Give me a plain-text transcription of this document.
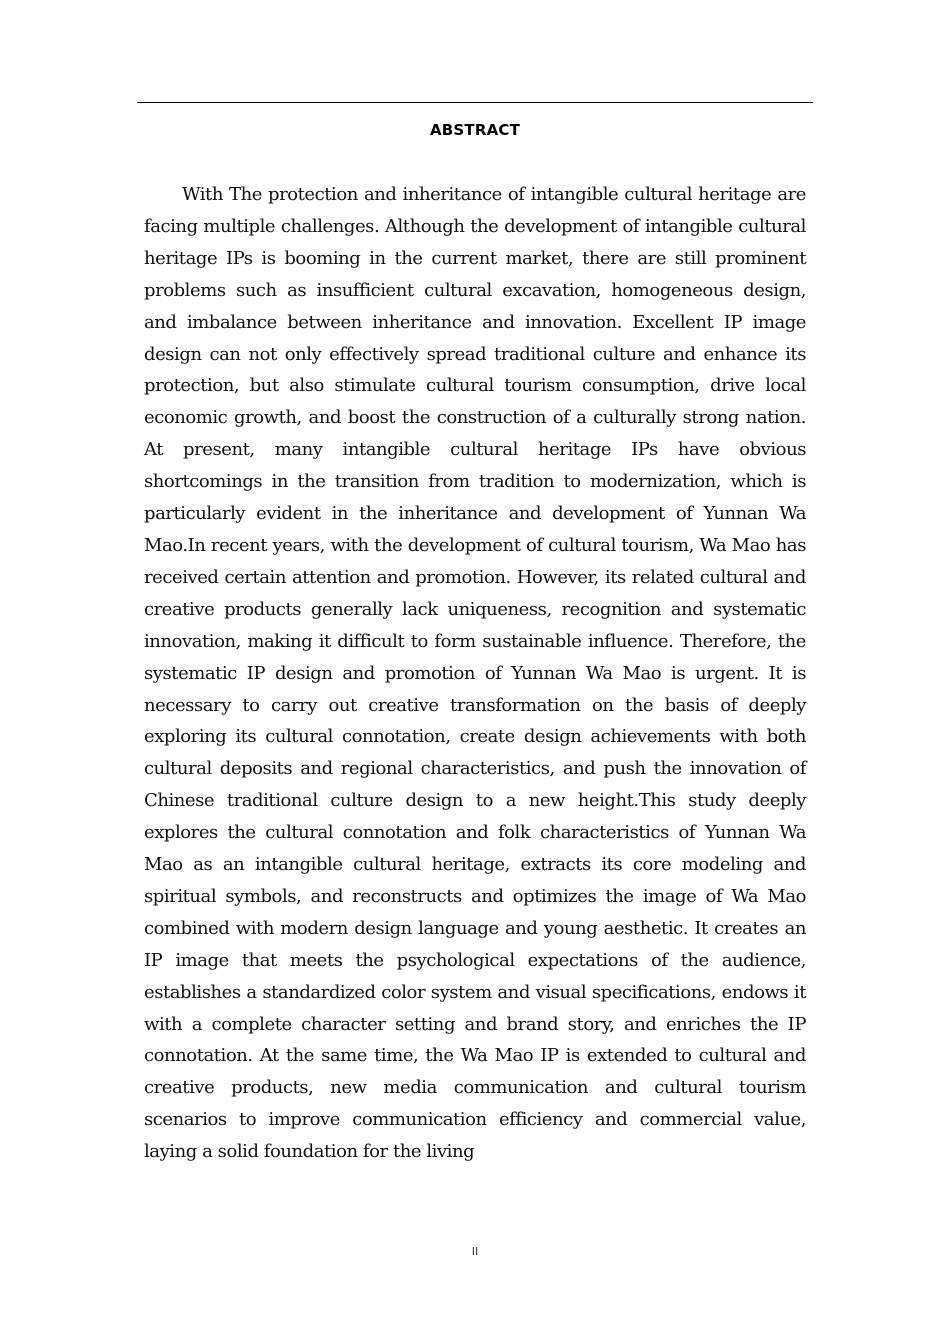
ABSTRACT

With The protection and inheritance of intangible cultural heritage are facing multiple challenges. Although the development of intangible cultural heritage IPs is booming in the current market, there are still prominent problems such as insufficient cultural excavation, homogeneous design, and imbalance between inheritance and innovation. Excellent IP image design can not only effectively spread traditional culture and enhance its protection, but also stimulate cultural tourism consumption, drive local economic growth, and boost the construction of a culturally strong nation. At present, many intangible cultural heritage IPs have obvious shortcomings in the transition from tradition to modernization, which is particularly evident in the inheritance and development of Yunnan Wa Mao.In recent years, with the development of cultural tourism, Wa Mao has received certain attention and promotion. However, its related cultural and creative products generally lack uniqueness, recognition and systematic innovation, making it difficult to form sustainable influence. Therefore, the systematic IP design and promotion of Yunnan Wa Mao is urgent. It is necessary to carry out creative transformation on the basis of deeply exploring its cultural connotation, create design achievements with both cultural deposits and regional characteristics, and push the innovation of Chinese traditional culture design to a new height.This study deeply explores the cultural connotation and folk characteristics of Yunnan Wa Mao as an intangible cultural heritage, extracts its core modeling and spiritual symbols, and reconstructs and optimizes the image of Wa Mao combined with modern design language and young aesthetic. It creates an IP image that meets the psychological expectations of the audience, establishes a standardized color system and visual specifications, endows it with a complete character setting and brand story, and enriches the IP connotation. At the same time, the Wa Mao IP is extended to cultural and creative products, new media communication and cultural tourism scenarios to improve communication efficiency and commercial value, laying a solid foundation for the living

II
